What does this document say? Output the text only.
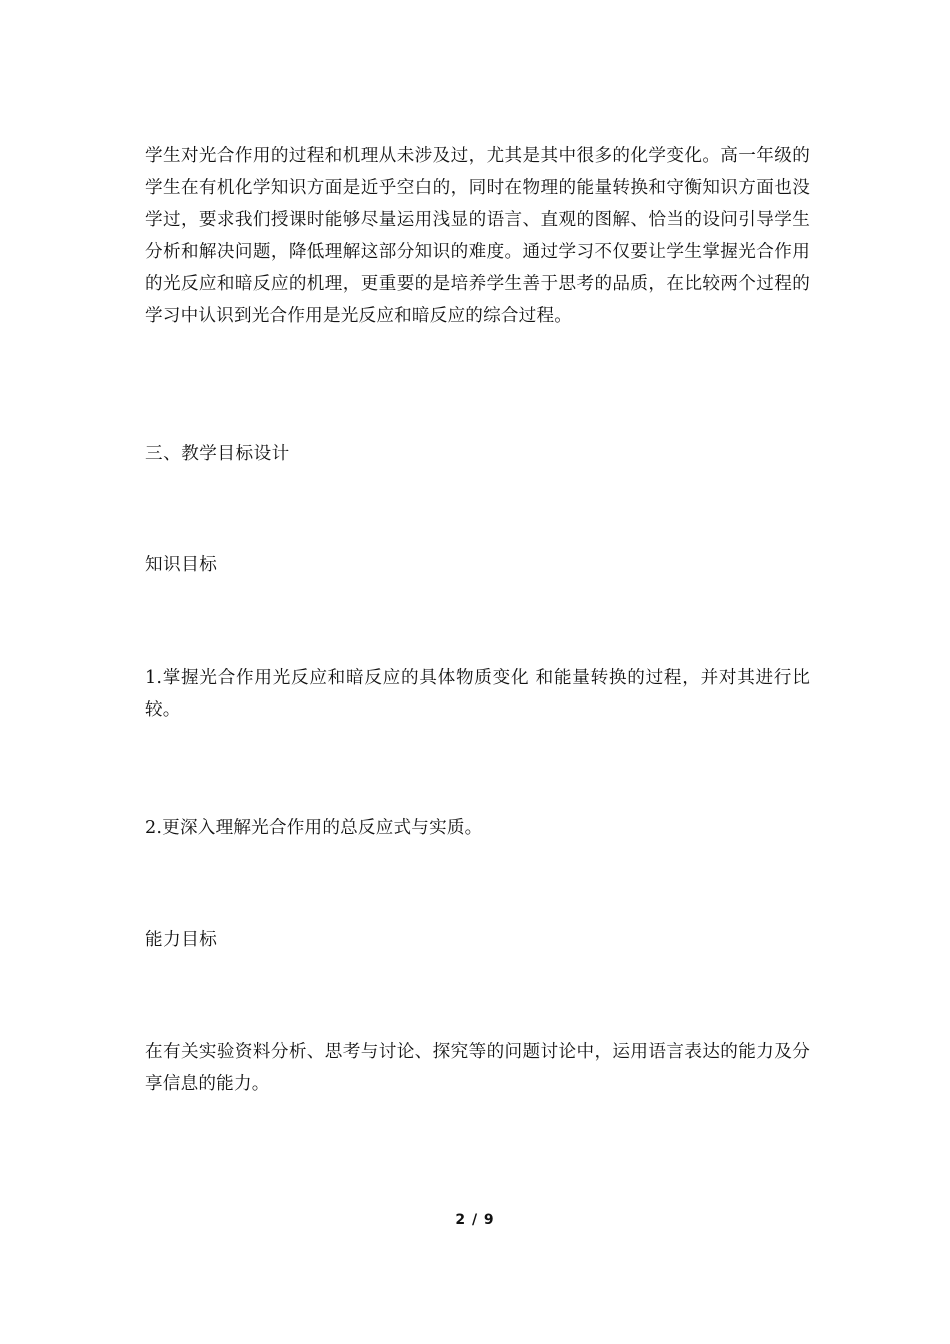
学生对光合作用的过程和机理从未涉及过，尤其是其中很多的化学变化。高一年级的学生在有机化学知识方面是近乎空白的，同时在物理的能量转换和守衡知识方面也没学过，要求我们授课时能够尽量运用浅显的语言、直观的图解、恰当的设问引导学生分析和解决问题，降低理解这部分知识的难度。通过学习不仅要让学生掌握光合作用的光反应和暗反应的机理，更重要的是培养学生善于思考的品质，在比较两个过程的学习中认识到光合作用是光反应和暗反应的综合过程。

三、教学目标设计

知识目标

1.掌握光合作用光反应和暗反应的具体物质变化 和能量转换的过程，并对其进行比较。

2.更深入理解光合作用的总反应式与实质。

能力目标

在有关实验资料分析、思考与讨论、探究等的问题讨论中，运用语言表达的能力及分享信息的能力。

2 / 9
